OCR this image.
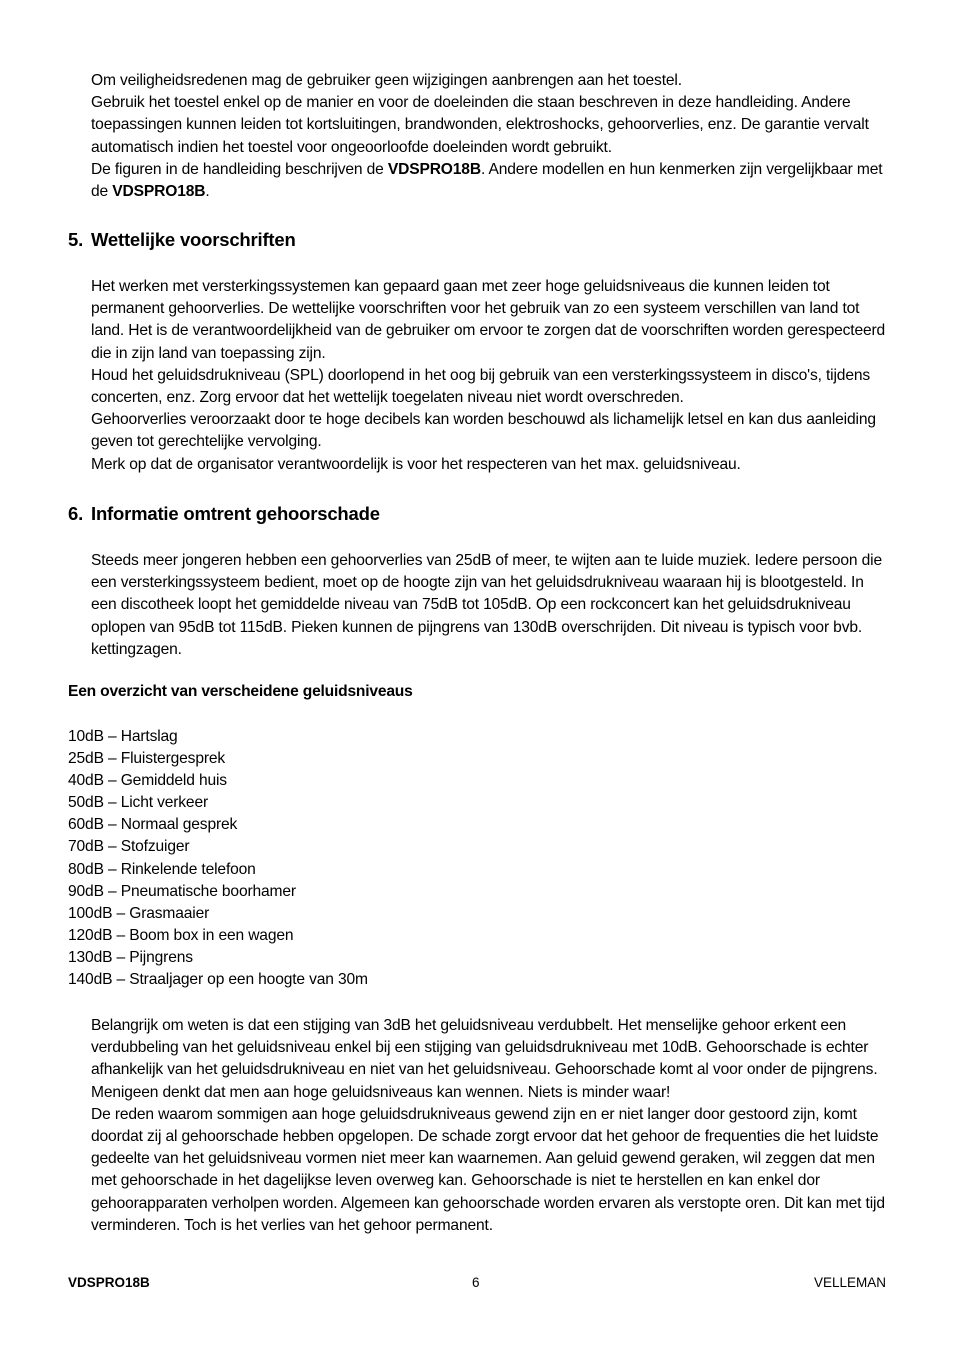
Om veiligheidsredenen mag de gebruiker geen wijzigingen aanbrengen aan het toestel.

Gebruik het toestel enkel op de manier en voor de doeleinden die staan beschreven in deze handleiding. Andere toepassingen kunnen leiden tot kortsluitingen, brandwonden, elektroshocks, gehoorverlies, enz. De garantie vervalt automatisch indien het toestel voor ongeoorloofde doeleinden wordt gebruikt.

De figuren in de handleiding beschrijven de VDSPRO18B. Andere modellen en hun kenmerken zijn vergelijkbaar met de VDSPRO18B.

5. Wettelijke voorschriften

Het werken met versterkingssystemen kan gepaard gaan met zeer hoge geluidsniveaus die kunnen leiden tot permanent gehoorverlies. De wettelijke voorschriften voor het gebruik van zo een systeem verschillen van land tot land. Het is de verantwoordelijkheid van de gebruiker om ervoor te zorgen dat de voorschriften worden gerespecteerd die in zijn land van toepassing zijn.

Houd het geluidsdrukniveau (SPL) doorlopend in het oog bij gebruik van een versterkingssysteem in disco's, tijdens concerten, enz. Zorg ervoor dat het wettelijk toegelaten niveau niet wordt overschreden.

Gehoorverlies veroorzaakt door te hoge decibels kan worden beschouwd als lichamelijk letsel en kan dus aanleiding geven tot gerechtelijke vervolging.

Merk op dat de organisator verantwoordelijk is voor het respecteren van het max. geluidsniveau.

6. Informatie omtrent gehoorschade

Steeds meer jongeren hebben een gehoorverlies van 25dB of meer, te wijten aan te luide muziek. Iedere persoon die een versterkingssysteem bedient, moet op de hoogte zijn van het geluidsdrukniveau waaraan hij is blootgesteld. In een discotheek loopt het gemiddelde niveau van 75dB tot 105dB. Op een rockconcert kan het geluidsdrukniveau oplopen van 95dB tot 115dB. Pieken kunnen de pijngrens van 130dB overschrijden. Dit niveau is typisch voor bvb. kettingzagen.

Een overzicht van verscheidene geluidsniveaus
10dB – Hartslag
25dB – Fluistergesprek
40dB – Gemiddeld huis
50dB – Licht verkeer
60dB – Normaal gesprek
70dB – Stofzuiger
80dB – Rinkelende telefoon
90dB – Pneumatische boorhamer
100dB – Grasmaaier
120dB – Boom box in een wagen
130dB – Pijngrens
140dB – Straaljager op een hoogte van 30m

Belangrijk om weten is dat een stijging van 3dB het geluidsniveau verdubbelt. Het menselijke gehoor erkent een verdubbeling van het geluidsniveau enkel bij een stijging van geluidsdrukniveau met 10dB. Gehoorschade is echter afhankelijk van het geluidsdrukniveau en niet van het geluidsniveau. Gehoorschade komt al voor onder de pijngrens.

Menigeen denkt dat men aan hoge geluidsniveaus kan wennen. Niets is minder waar!

De reden waarom sommigen aan hoge geluidsdrukniveaus gewend zijn en er niet langer door gestoord zijn, komt doordat zij al gehoorschade hebben opgelopen. De schade zorgt ervoor dat het gehoor de frequenties die het luidste gedeelte van het geluidsniveau vormen niet meer kan waarnemen. Aan geluid gewend geraken, wil zeggen dat men met gehoorschade in het dagelijkse leven overweg kan. Gehoorschade is niet te herstellen en kan enkel dor gehoorapparaten verholpen worden. Algemeen kan gehoorschade worden ervaren als verstopte oren. Dit kan met tijd verminderen. Toch is het verlies van het gehoor permanent.

VDSPRO18B	6	VELLEMAN
